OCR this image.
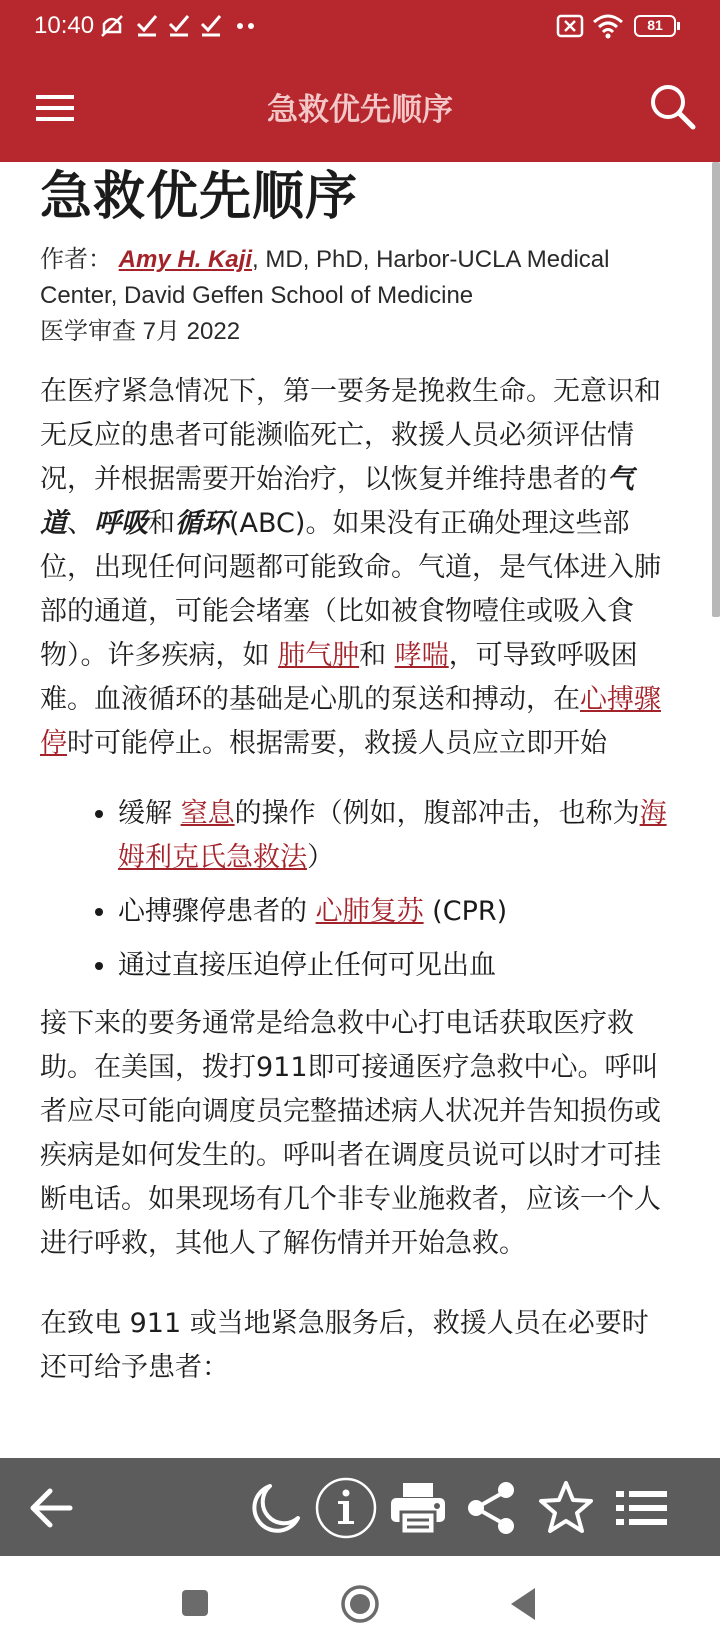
10:40	81
急救优先顺序
急救优先顺序
作者： Amy H. Kaji, MD, PhD, Harbor-UCLA Medical Center, David Geffen School of Medicine
医学审查 7月 2022

在医疗紧急情况下，第一要务是挽救生命。无意识和无反应的患者可能濒临死亡，救援人员必须评估情况，并根据需要开始治疗，以恢复并维持患者的气道、呼吸和循环(ABC)。如果没有正确处理这些部位，出现任何问题都可能致命。气道，是气体进入肺部的通道，可能会堵塞（比如被食物噎住或吸入食物）。许多疾病，如 肺气肿和 哮喘，可导致呼吸困难。血液循环的基础是心肌的泵送和搏动，在心搏骤停时可能停止。根据需要，救援人员应立即开始

• 缓解 窒息的操作（例如，腹部冲击，也称为海姆利克氏急救法）
• 心搏骤停患者的 心肺复苏 (CPR)
• 通过直接压迫停止任何可见出血

接下来的要务通常是给急救中心打电话获取医疗救助。在美国，拨打911即可接通医疗急救中心。呼叫者应尽可能向调度员完整描述病人状况并告知损伤或疾病是如何发生的。呼叫者在调度员说可以时才可挂断电话。如果现场有几个非专业施救者，应该一个人进行呼救，其他人了解伤情并开始急救。

在致电 911 或当地紧急服务后，救援人员在必要时还可给予患者：
